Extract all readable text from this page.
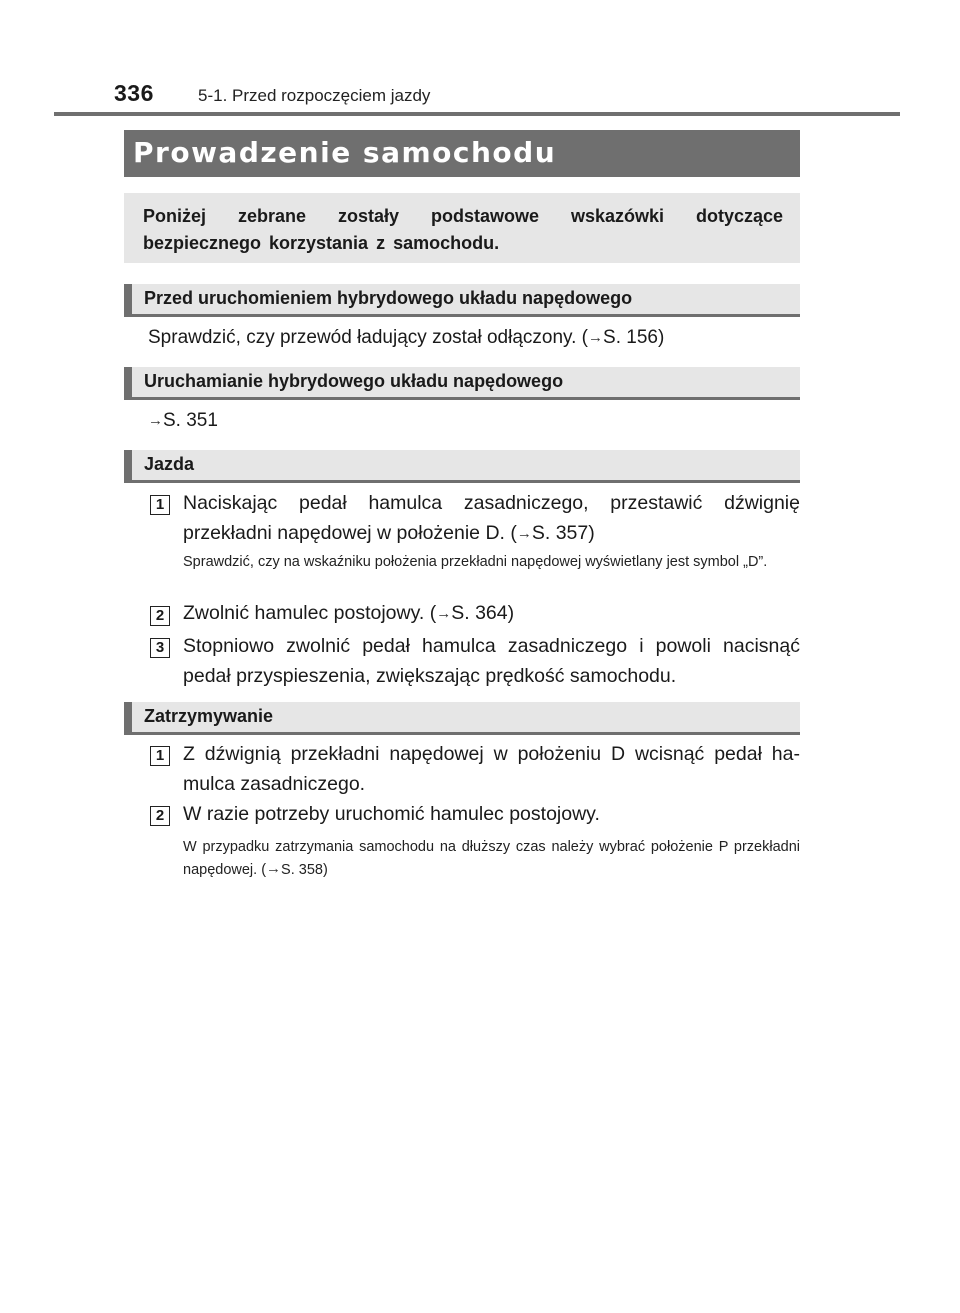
336	5-1. Przed rozpoczęciem jazdy
Prowadzenie samochodu

Poniżej zebrane zostały podstawowe wskazówki dotyczące bezpiecznego korzystania z samochodu.

Przed uruchomieniem hybrydowego układu napędowego
Sprawdzić, czy przewód ładujący został odłączony. (→S. 156)
Uruchamianie hybrydowego układu napędowego
→S. 351
Jazda
1 Naciskając pedał hamulca zasadniczego, przestawić dźwignię przekładni napędowej w położenie D. (→S. 357)
Sprawdzić, czy na wskaźniku położenia przekładni napędowej wyświetlany jest symbol „D”.
2 Zwolnić hamulec postojowy. (→S. 364)
3 Stopniowo zwolnić pedał hamulca zasadniczego i powoli nacisnąć pedał przyspieszenia, zwiększając prędkość samochodu.
Zatrzymywanie
1 Z dźwignią przekładni napędowej w położeniu D wcisnąć pedał ha-mulca zasadniczego.
2 W razie potrzeby uruchomić hamulec postojowy.
W przypadku zatrzymania samochodu na dłuższy czas należy wybrać położenie P przekładni napędowej. (→S. 358)
